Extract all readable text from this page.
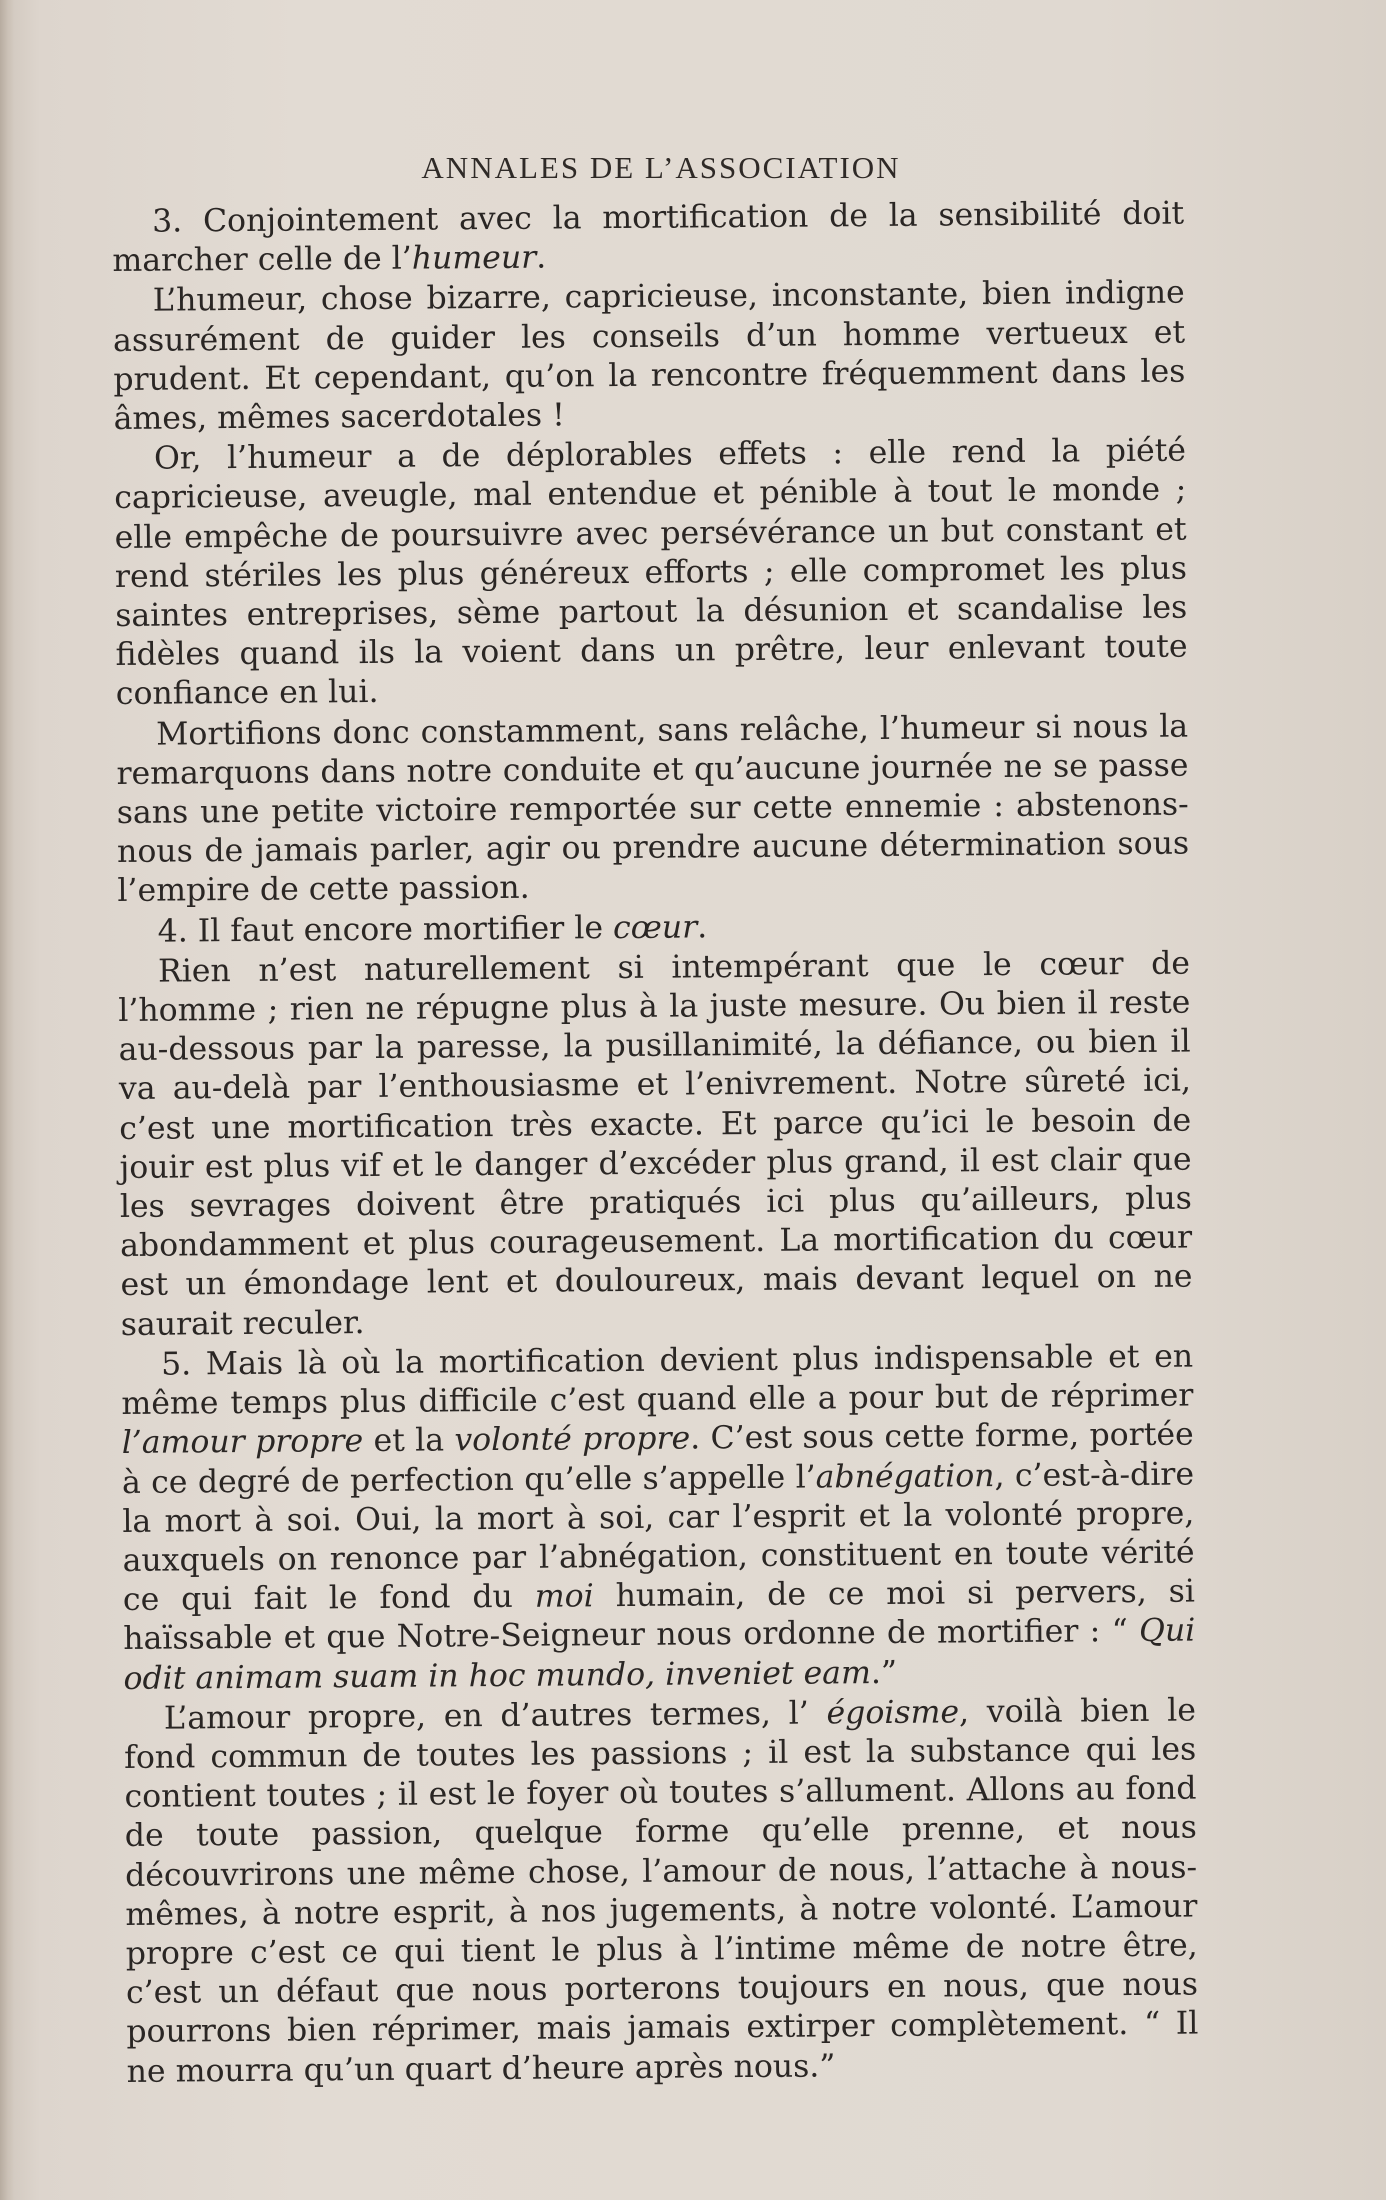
ANNALES DE L’ASSOCIATION

3. Conjointement avec la mortification de la sensibilité doit marcher celle de l’humeur.

L’humeur, chose bizarre, capricieuse, inconstante, bien indigne assurément de guider les conseils d’un homme vertueux et prudent. Et cependant, qu’on la rencontre fréquemment dans les âmes, mêmes sacerdotales !

Or, l’humeur a de déplorables effets : elle rend la piété capricieuse, aveugle, mal entendue et pénible à tout le monde ; elle empêche de poursuivre avec persévérance un but constant et rend stériles les plus généreux efforts ; elle compromet les plus saintes entreprises, sème partout la désunion et scandalise les fidèles quand ils la voient dans un prêtre, leur enlevant toute confiance en lui.

Mortifions donc constamment, sans relâche, l’humeur si nous la remarquons dans notre conduite et qu’aucune journée ne se passe sans une petite victoire remportée sur cette ennemie : abstenons-nous de jamais parler, agir ou prendre aucune détermination sous l’empire de cette passion.

4. Il faut encore mortifier le cœur.

Rien n’est naturellement si intempérant que le cœur de l’homme ; rien ne répugne plus à la juste mesure. Ou bien il reste au-dessous par la paresse, la pusillanimité, la défiance, ou bien il va au-delà par l’enthousiasme et l’enivrement. Notre sûreté ici, c’est une mortification très exacte. Et parce qu’ici le besoin de jouir est plus vif et le danger d’excéder plus grand, il est clair que les sevrages doivent être pratiqués ici plus qu’ailleurs, plus abondamment et plus courageusement. La mortification du cœur est un émondage lent et douloureux, mais devant lequel on ne saurait reculer.

5. Mais là où la mortification devient plus indispensable et en même temps plus difficile c’est quand elle a pour but de réprimer l’amour propre et la volonté propre. C’est sous cette forme, portée à ce degré de perfection qu’elle s’appelle l’abnégation, c’est-à-dire la mort à soi. Oui, la mort à soi, car l’esprit et la volonté propre, auxquels on renonce par l’abnégation, constituent en toute vérité ce qui fait le fond du moi humain, de ce moi si pervers, si haïssable et que Notre-Seigneur nous ordonne de mortifier : “ Qui odit animam suam in hoc mundo, inveniet eam.”

L’amour propre, en d’autres termes, l’ égoisme, voilà bien le fond commun de toutes les passions ; il est la substance qui les contient toutes ; il est le foyer où toutes s’allument. Allons au fond de toute passion, quelque forme qu’elle prenne, et nous découvrirons une même chose, l’amour de nous, l’attache à nous-mêmes, à notre esprit, à nos jugements, à notre volonté. L’amour propre c’est ce qui tient le plus à l’intime même de notre être, c’est un défaut que nous porterons toujours en nous, que nous pourrons bien réprimer, mais jamais extirper complètement. “ Il ne mourra qu’un quart d’heure après nous.”
